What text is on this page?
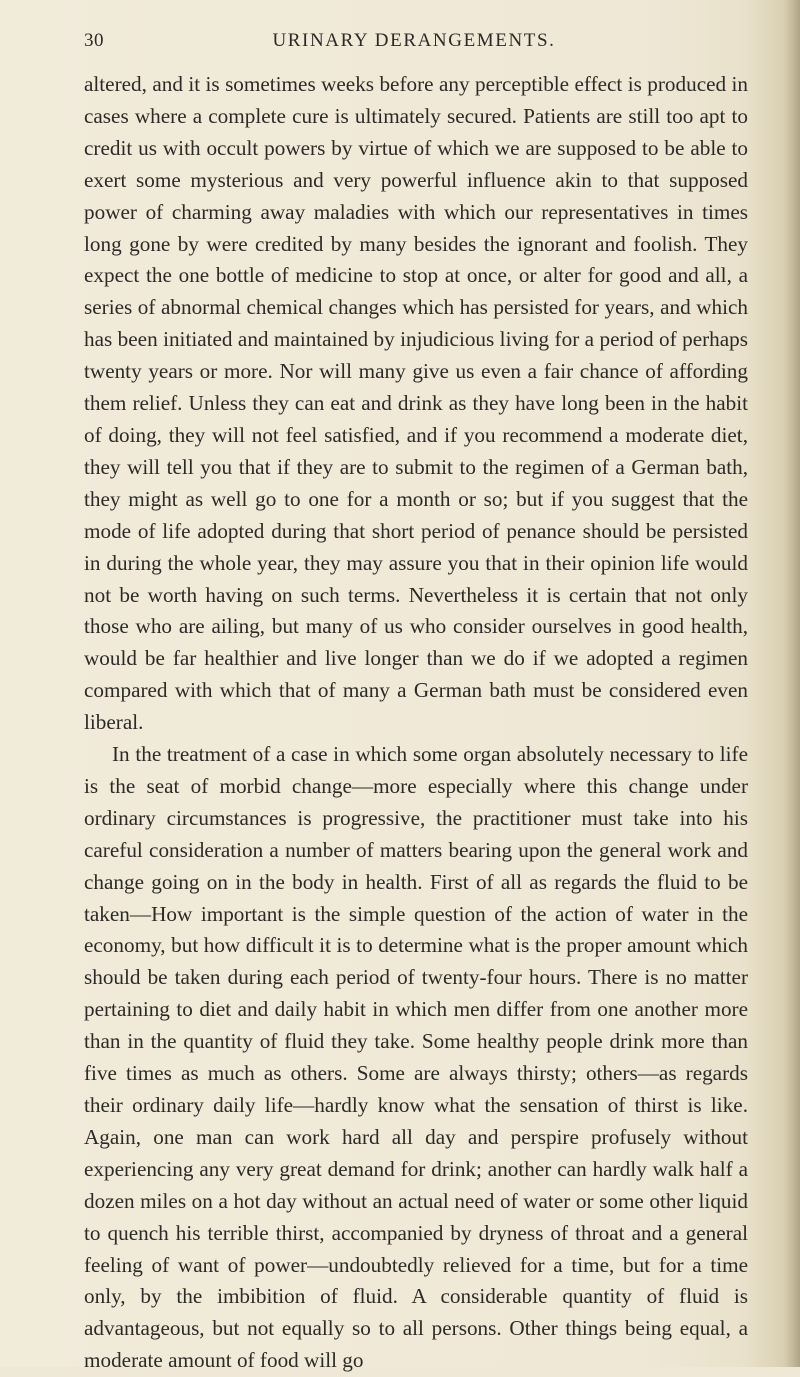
30	URINARY DERANGEMENTS.

altered, and it is sometimes weeks before any perceptible effect is produced in cases where a complete cure is ultimately secured. Patients are still too apt to credit us with occult powers by virtue of which we are supposed to be able to exert some mysterious and very powerful influence akin to that supposed power of charming away maladies with which our representatives in times long gone by were credited by many besides the ignorant and foolish. They expect the one bottle of medicine to stop at once, or alter for good and all, a series of abnormal chemical changes which has persisted for years, and which has been initiated and maintained by injudicious living for a period of perhaps twenty years or more. Nor will many give us even a fair chance of affording them relief. Unless they can eat and drink as they have long been in the habit of doing, they will not feel satisfied, and if you recommend a moderate diet, they will tell you that if they are to submit to the regimen of a German bath, they might as well go to one for a month or so; but if you suggest that the mode of life adopted during that short period of penance should be persisted in during the whole year, they may assure you that in their opinion life would not be worth having on such terms. Nevertheless it is certain that not only those who are ailing, but many of us who consider ourselves in good health, would be far healthier and live longer than we do if we adopted a regimen compared with which that of many a German bath must be considered even liberal.

In the treatment of a case in which some organ absolutely necessary to life is the seat of morbid change—more especially where this change under ordinary circumstances is progressive, the practitioner must take into his careful consideration a number of matters bearing upon the general work and change going on in the body in health. First of all as regards the fluid to be taken—How important is the simple question of the action of water in the economy, but how difficult it is to determine what is the proper amount which should be taken during each period of twenty-four hours. There is no matter pertaining to diet and daily habit in which men differ from one another more than in the quantity of fluid they take. Some healthy people drink more than five times as much as others. Some are always thirsty; others—as regards their ordinary daily life—hardly know what the sensation of thirst is like. Again, one man can work hard all day and perspire profusely without experiencing any very great demand for drink; another can hardly walk half a dozen miles on a hot day without an actual need of water or some other liquid to quench his terrible thirst, accompanied by dryness of throat and a general feeling of want of power—undoubtedly relieved for a time, but for a time only, by the imbibition of fluid. A considerable quantity of fluid is advantageous, but not equally so to all persons. Other things being equal, a moderate amount of food will go
